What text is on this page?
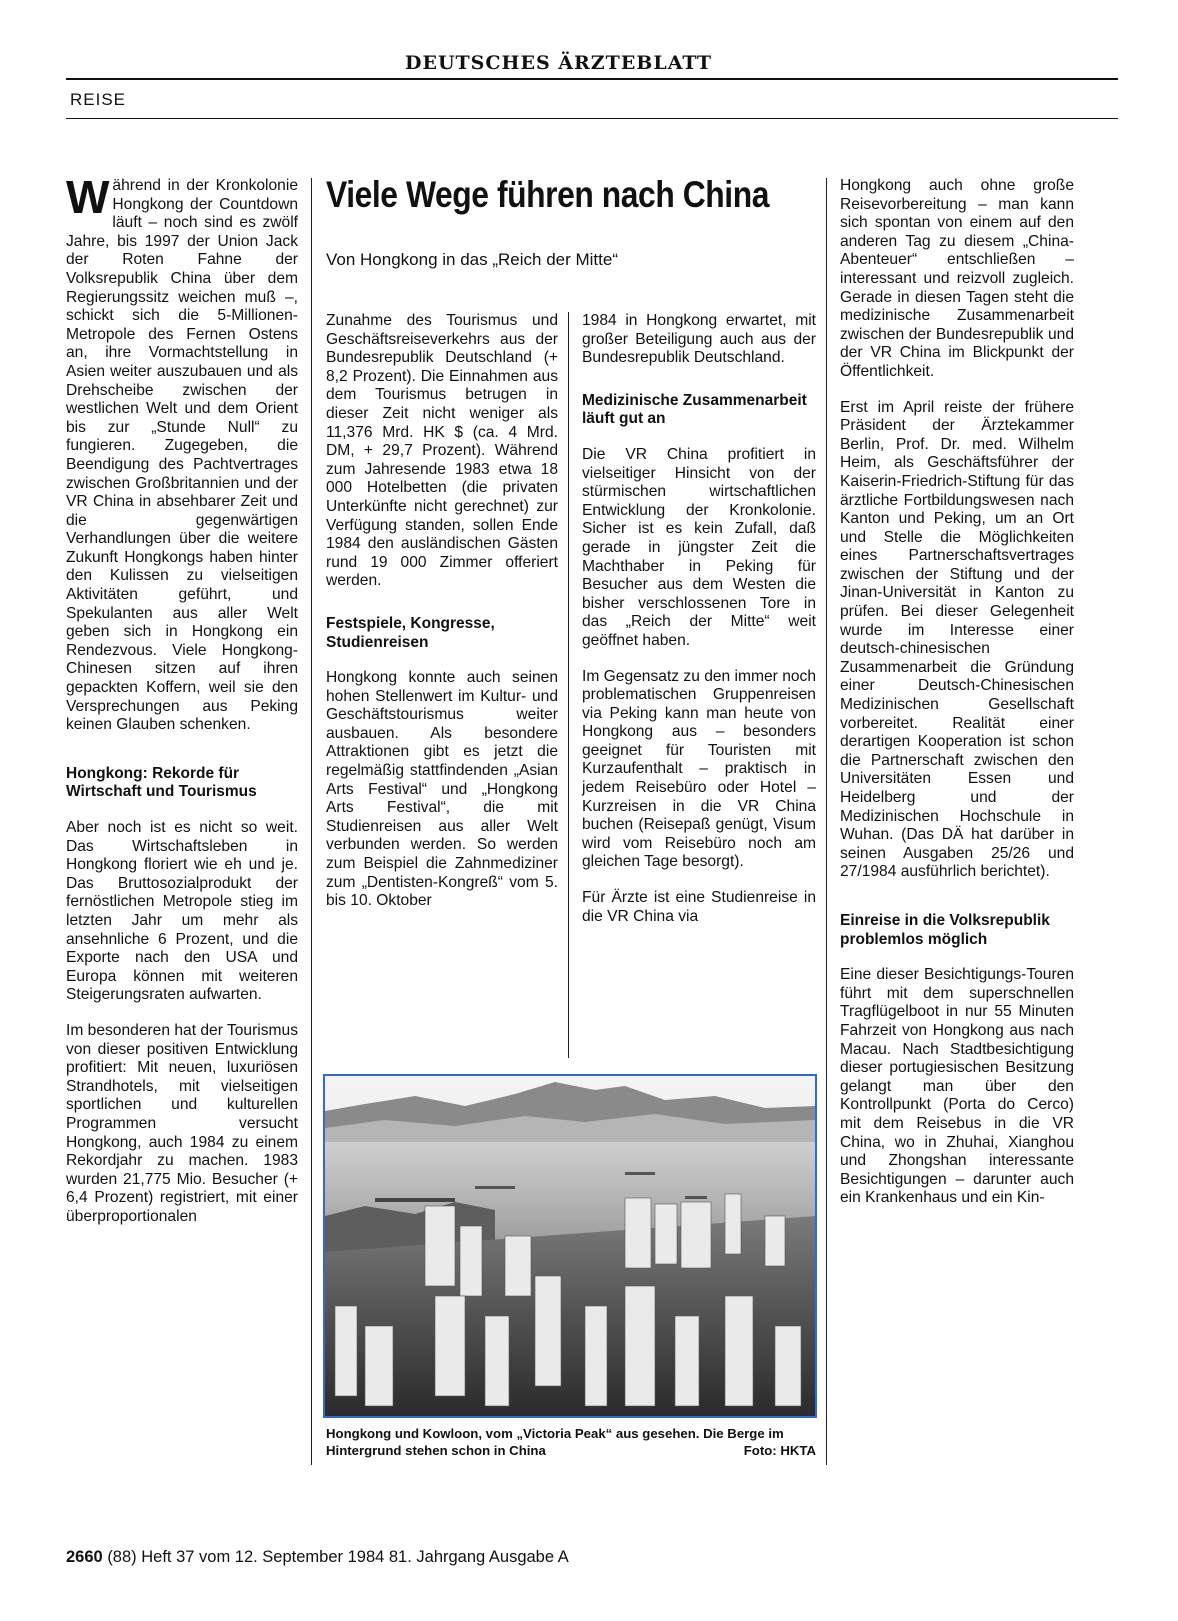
DEUTSCHES ÄRZTEBLATT
REISE
Viele Wege führen nach China
Von Hongkong in das „Reich der Mitte“

Während in der Kronkolonie Hongkong der Countdown läuft – noch sind es zwölf Jahre, bis 1997 der Union Jack der Roten Fahne der Volksrepublik China über dem Regierungssitz weichen muß –, schickt sich die 5-Millionen-Metropole des Fernen Ostens an, ihre Vormachtstellung in Asien weiter auszubauen und als Drehscheibe zwischen der westlichen Welt und dem Orient bis zur „Stunde Null“ zu fungieren. Zugegeben, die Beendigung des Pachtvertrages zwischen Großbritannien und der VR China in absehbarer Zeit und die gegenwärtigen Verhandlungen über die weitere Zukunft Hongkongs haben hinter den Kulissen zu vielseitigen Aktivitäten geführt, und Spekulanten aus aller Welt geben sich in Hongkong ein Rendezvous. Viele Hongkong-Chinesen sitzen auf ihren gepackten Koffern, weil sie den Versprechungen aus Peking keinen Glauben schenken.

Hongkong: Rekorde für Wirtschaft und Tourismus

Aber noch ist es nicht so weit. Das Wirtschaftsleben in Hongkong floriert wie eh und je. Das Bruttosozialprodukt der fernöstlichen Metropole stieg im letzten Jahr um mehr als ansehnliche 6 Prozent, und die Exporte nach den USA und Europa können mit weiteren Steigerungsraten aufwarten.

Im besonderen hat der Tourismus von dieser positiven Entwicklung profitiert: Mit neuen, luxuriösen Strandhotels, mit vielseitigen sportlichen und kulturellen Programmen versucht Hongkong, auch 1984 zu einem Rekordjahr zu machen. 1983 wurden 21,775 Mio. Besucher (+ 6,4 Prozent) registriert, mit einer überproportionalen

Zunahme des Tourismus und Geschäftsreiseverkehrs aus der Bundesrepublik Deutschland (+ 8,2 Prozent). Die Einnahmen aus dem Tourismus betrugen in dieser Zeit nicht weniger als 11,376 Mrd. HK $ (ca. 4 Mrd. DM, + 29,7 Prozent). Während zum Jahresende 1983 etwa 18 000 Hotelbetten (die privaten Unterkünfte nicht gerechnet) zur Verfügung standen, sollen Ende 1984 den ausländischen Gästen rund 19 000 Zimmer offeriert werden.

Festspiele, Kongresse, Studienreisen

Hongkong konnte auch seinen hohen Stellenwert im Kultur- und Geschäftstourismus weiter ausbauen. Als besondere Attraktionen gibt es jetzt die regelmäßig stattfindenden „Asian Arts Festival“ und „Hongkong Arts Festival“, die mit Studienreisen aus aller Welt verbunden werden. So werden zum Beispiel die Zahnmediziner zum „Dentisten-Kongreß“ vom 5. bis 10. Oktober

1984 in Hongkong erwartet, mit großer Beteiligung auch aus der Bundesrepublik Deutschland.

Medizinische Zusammenarbeit läuft gut an

Die VR China profitiert in vielseitiger Hinsicht von der stürmischen wirtschaftlichen Entwicklung der Kronkolonie. Sicher ist es kein Zufall, daß gerade in jüngster Zeit die Machthaber in Peking für Besucher aus dem Westen die bisher verschlossenen Tore in das „Reich der Mitte“ weit geöffnet haben.

Im Gegensatz zu den immer noch problematischen Gruppenreisen via Peking kann man heute von Hongkong aus – besonders geeignet für Touristen mit Kurzaufenthalt – praktisch in jedem Reisebüro oder Hotel – Kurzreisen in die VR China buchen (Reisepaß genügt, Visum wird vom Reisebüro noch am gleichen Tage besorgt).

Für Ärzte ist eine Studienreise in die VR China via

Hongkong auch ohne große Reisevorbereitung – man kann sich spontan von einem auf den anderen Tag zu diesem „China-Abenteuer“ entschließen – interessant und reizvoll zugleich. Gerade in diesen Tagen steht die medizinische Zusammenarbeit zwischen der Bundesrepublik und der VR China im Blickpunkt der Öffentlichkeit.

Erst im April reiste der frühere Präsident der Ärztekammer Berlin, Prof. Dr. med. Wilhelm Heim, als Geschäftsführer der Kaiserin-Friedrich-Stiftung für das ärztliche Fortbildungswesen nach Kanton und Peking, um an Ort und Stelle die Möglichkeiten eines Partnerschaftsvertrages zwischen der Stiftung und der Jinan-Universität in Kanton zu prüfen. Bei dieser Gelegenheit wurde im Interesse einer deutsch-chinesischen Zusammenarbeit die Gründung einer Deutsch-Chinesischen Medizinischen Gesellschaft vorbereitet. Realität einer derartigen Kooperation ist schon die Partnerschaft zwischen den Universitäten Essen und Heidelberg und der Medizinischen Hochschule in Wuhan. (Das DÄ hat darüber in seinen Ausgaben 25/26 und 27/1984 ausführlich berichtet).

Einreise in die Volksrepublik problemlos möglich

Eine dieser Besichtigungs-Touren führt mit dem superschnellen Tragflügelboot in nur 55 Minuten Fahrzeit von Hongkong aus nach Macau. Nach Stadtbesichtigung dieser portugiesischen Besitzung gelangt man über den Kontrollpunkt (Porta do Cerco) mit dem Reisebus in die VR China, wo in Zhuhai, Xianghou und Zhongshan interessante Besichtigungen – darunter auch ein Krankenhaus und ein Kin-

Hongkong und Kowloon, vom „Victoria Peak“ aus gesehen. Die Berge im Hintergrund stehen schon in China	Foto: HKTA
2660 (88) Heft 37 vom 12. September 1984 81. Jahrgang Ausgabe A
